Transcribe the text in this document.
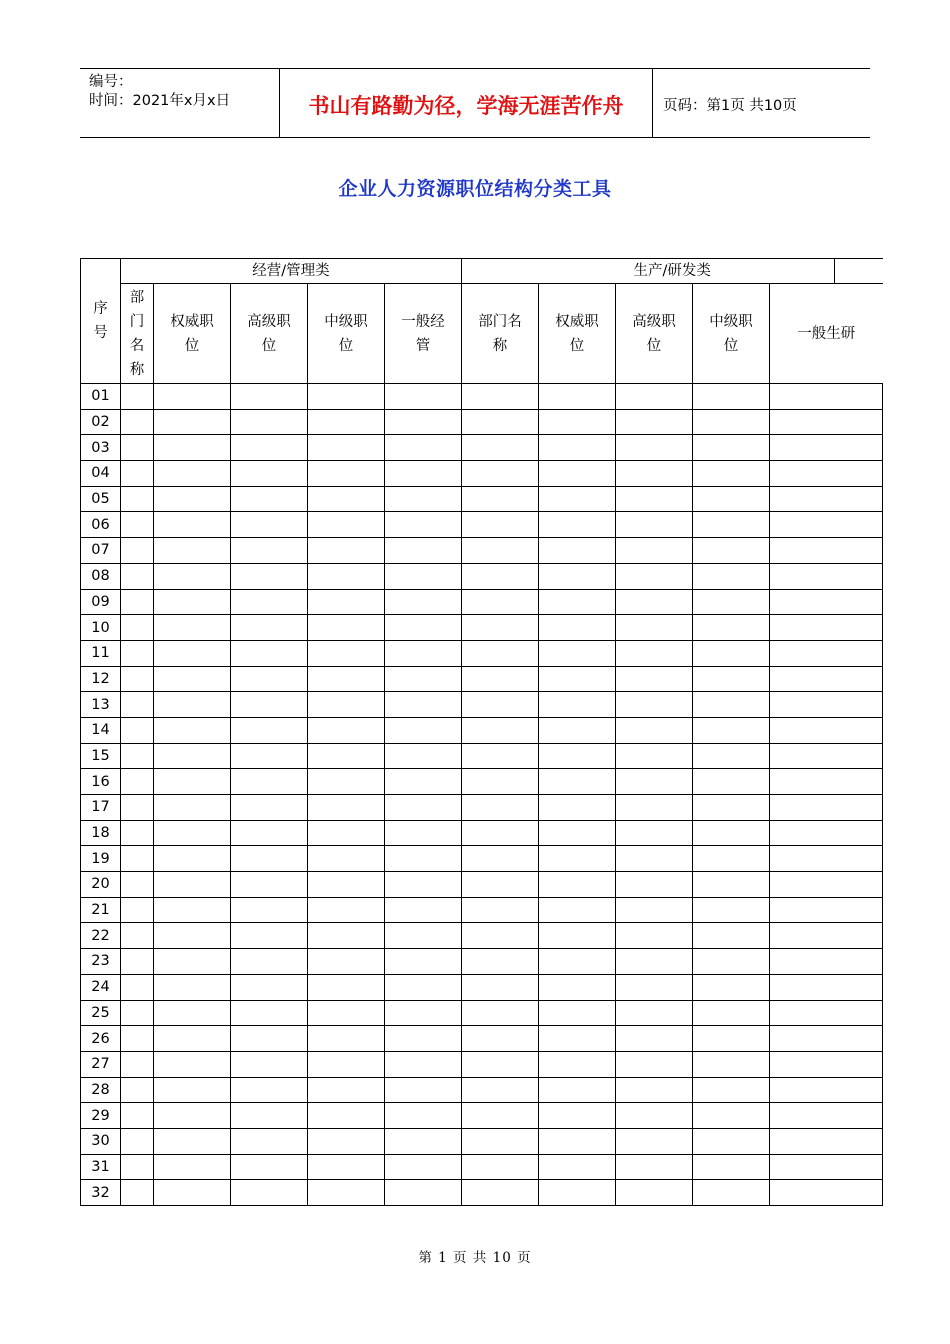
编号：
时间：2021年x月x日	书山有路勤为径，学海无涯苦作舟	页码：第1页 共10页
企业人力资源职位结构分类工具
序号	经营/管理类					生产/研发类				

	部门名称	权威职位	高级职位	中级职位	一般经管	部门名称	权威职位	高级职位	中级职位	一般生研
01										
02										
03										
04										
05										
06										
07										
08										
09										
10										
11										
12										
13										
14										
15										
16										
17										
18										
19										
20										
21										
22										
23										
24										
25										
26										
27										
28										
29										
30										
31										
32										
第 1 页 共 10 页
